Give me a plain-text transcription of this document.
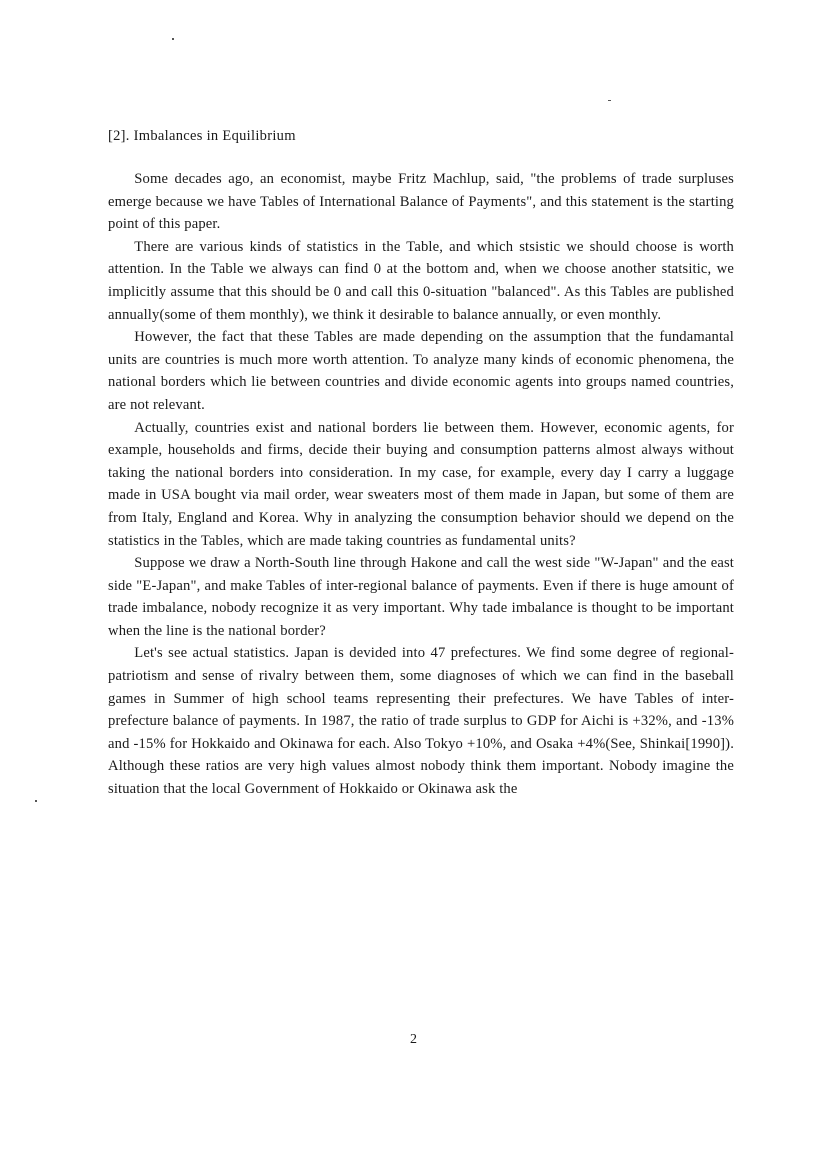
[2]. Imbalances in Equilibrium

Some decades ago, an economist, maybe Fritz Machlup, said, "the problems of trade surpluses emerge because we have Tables of International Balance of Payments", and this statement is the starting point of this paper.

There are various kinds of statistics in the Table, and which stsistic we should choose is worth attention. In the Table we always can find 0 at the bottom and, when we choose another statsitic, we implicitly assume that this should be 0 and call this 0-situation "balanced". As this Tables are published annually(some of them monthly), we think it desirable to balance annually, or even monthly.

However, the fact that these Tables are made depending on the assumption that the fundamantal units are countries is much more worth attention. To analyze many kinds of economic phenomena, the national borders which lie between countries and divide economic agents into groups named countries, are not relevant.

Actually, countries exist and national borders lie between them. However, economic agents, for example, households and firms, decide their buying and consumption patterns almost always without taking the national borders into consideration. In my case, for example, every day I carry a luggage made in USA bought via mail order, wear sweaters most of them made in Japan, but some of them are from Italy, England and Korea. Why in analyzing the consumption behavior should we depend on the statistics in the Tables, which are made taking countries as fundamental units?

Suppose we draw a North-South line through Hakone and call the west side "W-Japan" and the east side "E-Japan", and make Tables of inter-regional balance of payments. Even if there is huge amount of trade imbalance, nobody recognize it as very important. Why tade imbalance is thought to be important when the line is the national border?

Let's see actual statistics. Japan is devided into 47 prefectures. We find some degree of regional-patriotism and sense of rivalry between them, some diagnoses of which we can find in the baseball games in Summer of high school teams representing their prefectures. We have Tables of inter-prefecture balance of payments. In 1987, the ratio of trade surplus to GDP for Aichi is +32%, and -13% and -15% for Hokkaido and Okinawa for each. Also Tokyo +10%, and Osaka +4%(See, Shinkai[1990]). Although these ratios are very high values almost nobody think them important. Nobody imagine the situation that the local Government of Hokkaido or Okinawa ask the

2
